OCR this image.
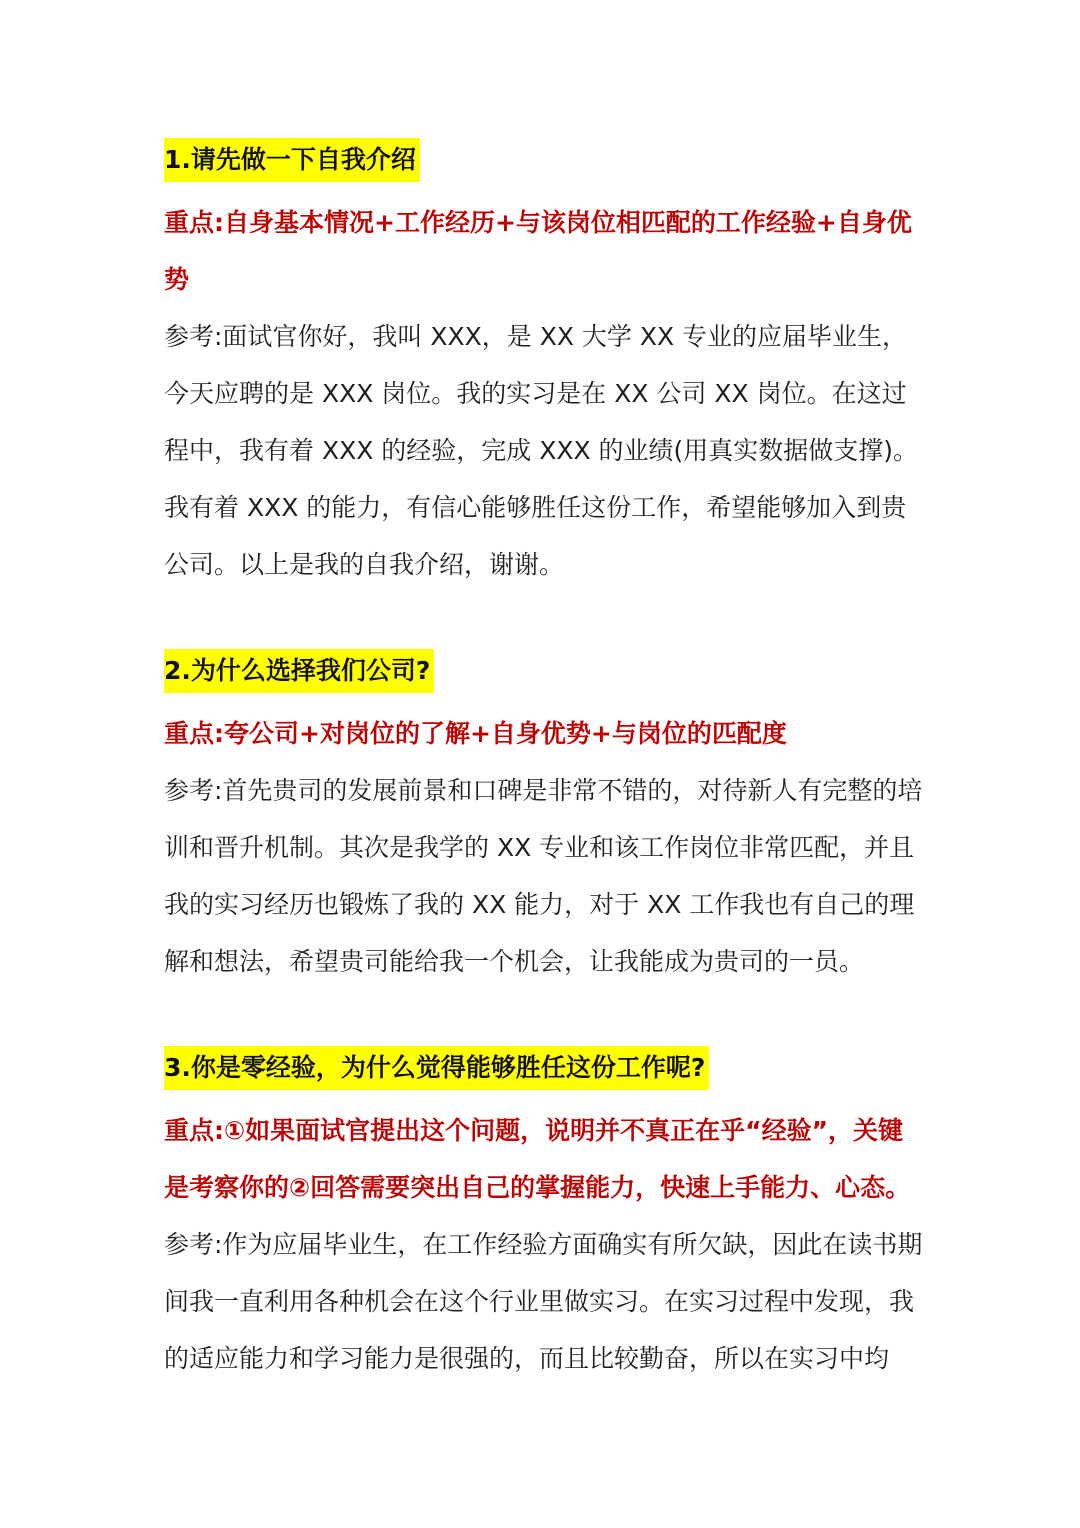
1.请先做一下自我介绍
重点:自身基本情况+工作经历+与该岗位相匹配的工作经验+自身优势
参考:面试官你好，我叫 XXX，是 XX 大学 XX 专业的应届毕业生，今天应聘的是 XXX 岗位。我的实习是在 XX 公司 XX 岗位。在这过程中，我有着 XXX 的经验，完成 XXX 的业绩(用真实数据做支撑)。我有着 XXX 的能力，有信心能够胜任这份工作，希望能够加入到贵公司。以上是我的自我介绍，谢谢。
2.为什么选择我们公司?
重点:夸公司+对岗位的了解+自身优势+与岗位的匹配度
参考:首先贵司的发展前景和口碑是非常不错的，对待新人有完整的培训和晋升机制。其次是我学的 XX 专业和该工作岗位非常匹配，并且我的实习经历也锻炼了我的 XX 能力，对于 XX 工作我也有自己的理解和想法，希望贵司能给我一个机会，让我能成为贵司的一员。
3.你是零经验，为什么觉得能够胜任这份工作呢?
重点:①如果面试官提出这个问题，说明并不真正在乎“经验”，关键是考察你的②回答需要突出自己的掌握能力，快速上手能力、心态。
参考:作为应届毕业生，在工作经验方面确实有所欠缺，因此在读书期间我一直利用各种机会在这个行业里做实习。在实习过程中发现，我的适应能力和学习能力是很强的，而且比较勤奋，所以在实习中均
